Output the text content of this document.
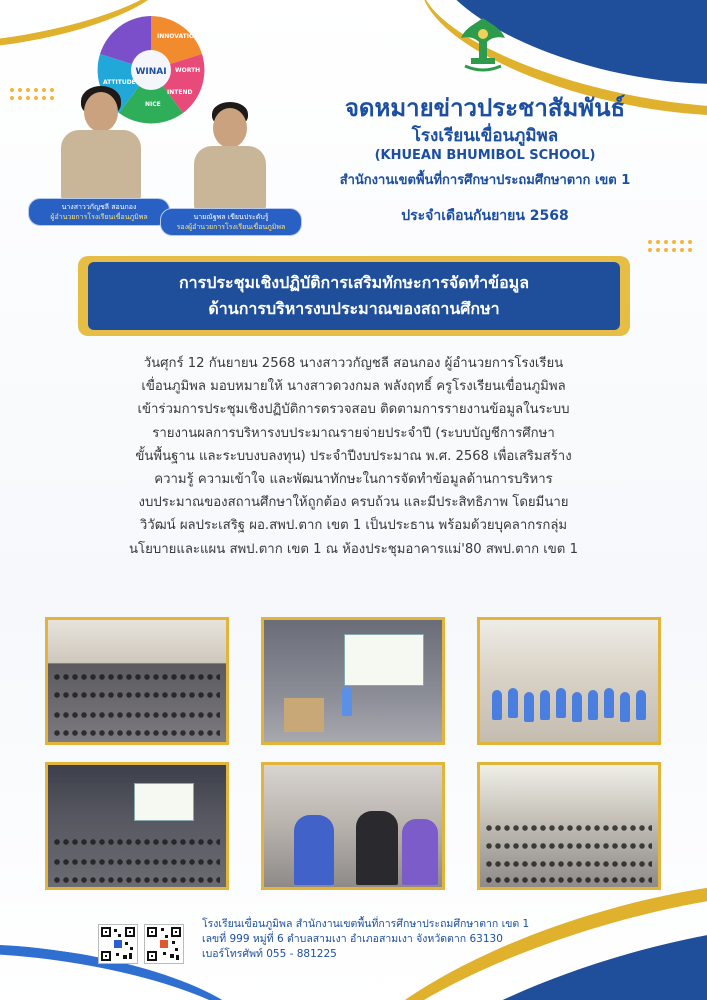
WINAI
INNOVATION
WORTH
NICE
ATTITUDE
INTEND
นางสาววกัญชลี สอนกอง
ผู้อำนวยการโรงเรียนเขื่อนภูมิพล	นายณัฐพล เขียนประดับรู้
รองผู้อำนวยการโรงเรียนเขื่อนภูมิพล
จดหมายข่าวประชาสัมพันธ์
โรงเรียนเขื่อนภูมิพล
(KHUEAN BHUMIBOL SCHOOL)
สำนักงานเขตพื้นที่การศึกษาประถมศึกษาตาก เขต 1
ประจำเดือนกันยายน 2568
การประชุมเชิงปฏิบัติการเสริมทักษะการจัดทำข้อมูล
ด้านการบริหารงบประมาณของสถานศึกษา
วันศุกร์ 12 กันยายน 2568 นางสาววกัญชลี สอนกอง ผู้อำนวยการโรงเรียน
เขื่อนภูมิพล มอบหมายให้ นางสาวดวงกมล พลังฤทธิ์ ครูโรงเรียนเขื่อนภูมิพล
เข้าร่วมการประชุมเชิงปฏิบัติการตรวจสอบ ติดตามการรายงานข้อมูลในระบบ
รายงานผลการบริหารงบประมาณรายจ่ายประจำปี (ระบบบัญชีการศึกษา
ขั้นพื้นฐาน และระบบงบลงทุน) ประจำปีงบประมาณ พ.ศ. 2568 เพื่อเสริมสร้าง
ความรู้ ความเข้าใจ และพัฒนาทักษะในการจัดทำข้อมูลด้านการบริหาร
งบประมาณของสถานศึกษาให้ถูกต้อง ครบถ้วน และมีประสิทธิภาพ โดยมีนาย
วิวัฒน์ ผลประเสริฐ ผอ.สพป.ตาก เขต 1 เป็นประธาน พร้อมด้วยบุคลากรกลุ่ม
นโยบายและแผน สพป.ตาก เขต 1 ณ ห้องประชุมอาคารแม่'80 สพป.ตาก เขต 1
โรงเรียนเขื่อนภูมิพล สำนักงานเขตพื้นที่การศึกษาประถมศึกษาตาก เขต 1
เลขที่ 999 หมู่ที่ 6 ตำบลสามเงา อำเภอสามเงา จังหวัดตาก 63130
เบอร์โทรศัพท์ 055 - 881225
